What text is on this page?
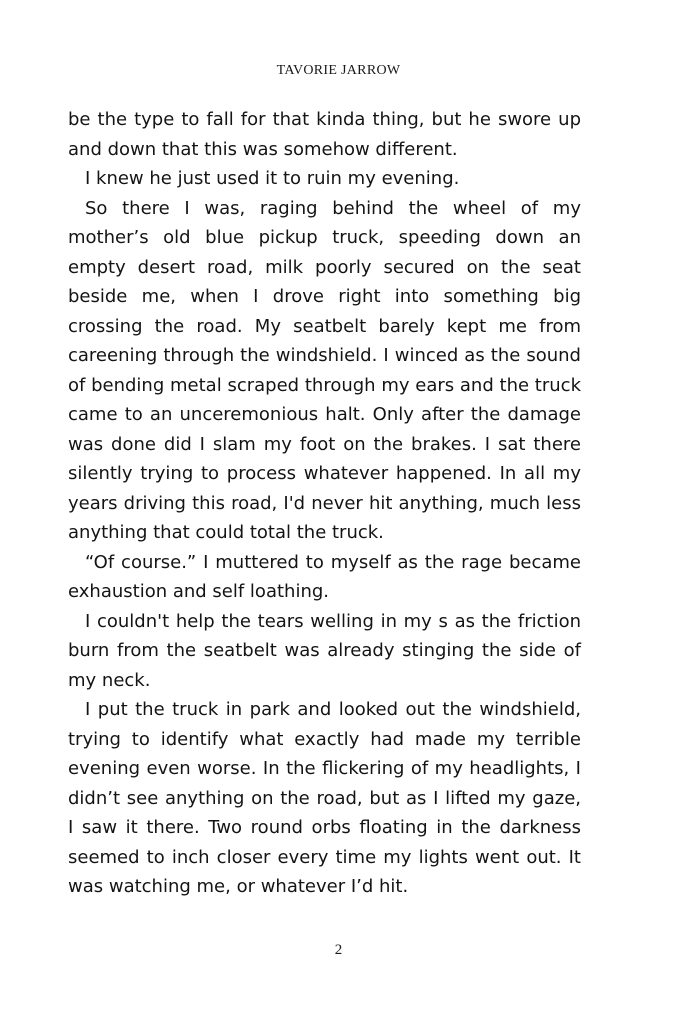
TAVORIE JARROW

be the type to fall for that kinda thing, but he swore up and down that this was somehow different.

I knew he just used it to ruin my evening.

So there I was, raging behind the wheel of my mother’s old blue pickup truck, speeding down an empty desert road, milk poorly secured on the seat beside me, when I drove right into something big crossing the road. My seatbelt barely kept me from careening through the windshield. I winced as the sound of bending metal scraped through my ears and the truck came to an unceremonious halt. Only after the damage was done did I slam my foot on the brakes. I sat there silently trying to process whatever happened. In all my years driving this road, I'd never hit anything, much less anything that could total the truck.

“Of course.” I muttered to myself as the rage became exhaustion and self loathing.

I couldn't help the tears welling in my s as the friction burn from the seatbelt was already stinging the side of my neck.

I put the truck in park and looked out the windshield, trying to identify what exactly had made my terrible evening even worse. In the flickering of my headlights, I didn’t see anything on the road, but as I lifted my gaze, I saw it there. Two round orbs floating in the darkness seemed to inch closer every time my lights went out. It was watching me, or whatever I’d hit.

2
